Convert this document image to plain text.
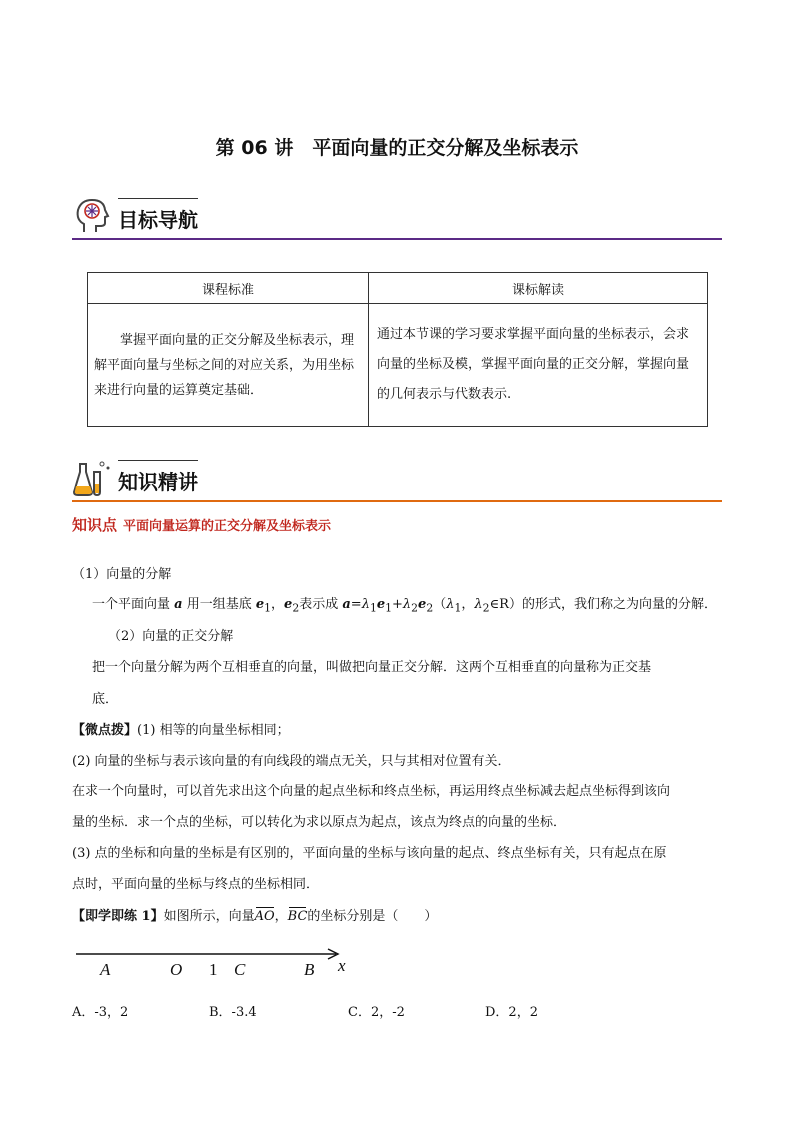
第 06 讲　平面向量的正交分解及坐标表示
目标导航
课程标准	课标解读
掌握平面向量的正交分解及坐标表示，理解平面向量与坐标之间的对应关系，为用坐标来进行向量的运算奠定基础．	通过本节课的学习要求掌握平面向量的坐标表示，会求向量的坐标及模，掌握平面向量的正交分解，掌握向量的几何表示与代数表示.
知识精讲
知识点 平面向量运算的正交分解及坐标表示
（1）向量的分解
一个平面向量 a 用一组基底 $e_1$，$e_2$表示成 $a=\lambda_1e_1+\lambda_2e_2(\lambda_1$，$\lambda_2\in R$）的形式，我们称之为向量的分解．
（2）向量的正交分解
把一个向量分解为两个互相垂直的向量，叫做把向量正交分解．这两个互相垂直的向量称为正交基
底．
【微点拨】(1) 相等的向量坐标相同；
(2) 向量的坐标与表示该向量的有向线段的端点无关，只与其相对位置有关．
在求一个向量时，可以首先求出这个向量的起点坐标和终点坐标，再运用终点坐标减去起点坐标得到该向
量的坐标．求一个点的坐标，可以转化为求以原点为起点，该点为终点的向量的坐标．
(3) 点的坐标和向量的坐标是有区别的，平面向量的坐标与该向量的起点、终点坐标有关，只有起点在原
点时，平面向量的坐标与终点的坐标相同．
【即学即练 1】如图所示，向量AO，BC的坐标分别是（　　）
A	O 1 C	B x
A．-3，2	B．-3.4	C．2，-2	D．2，2
